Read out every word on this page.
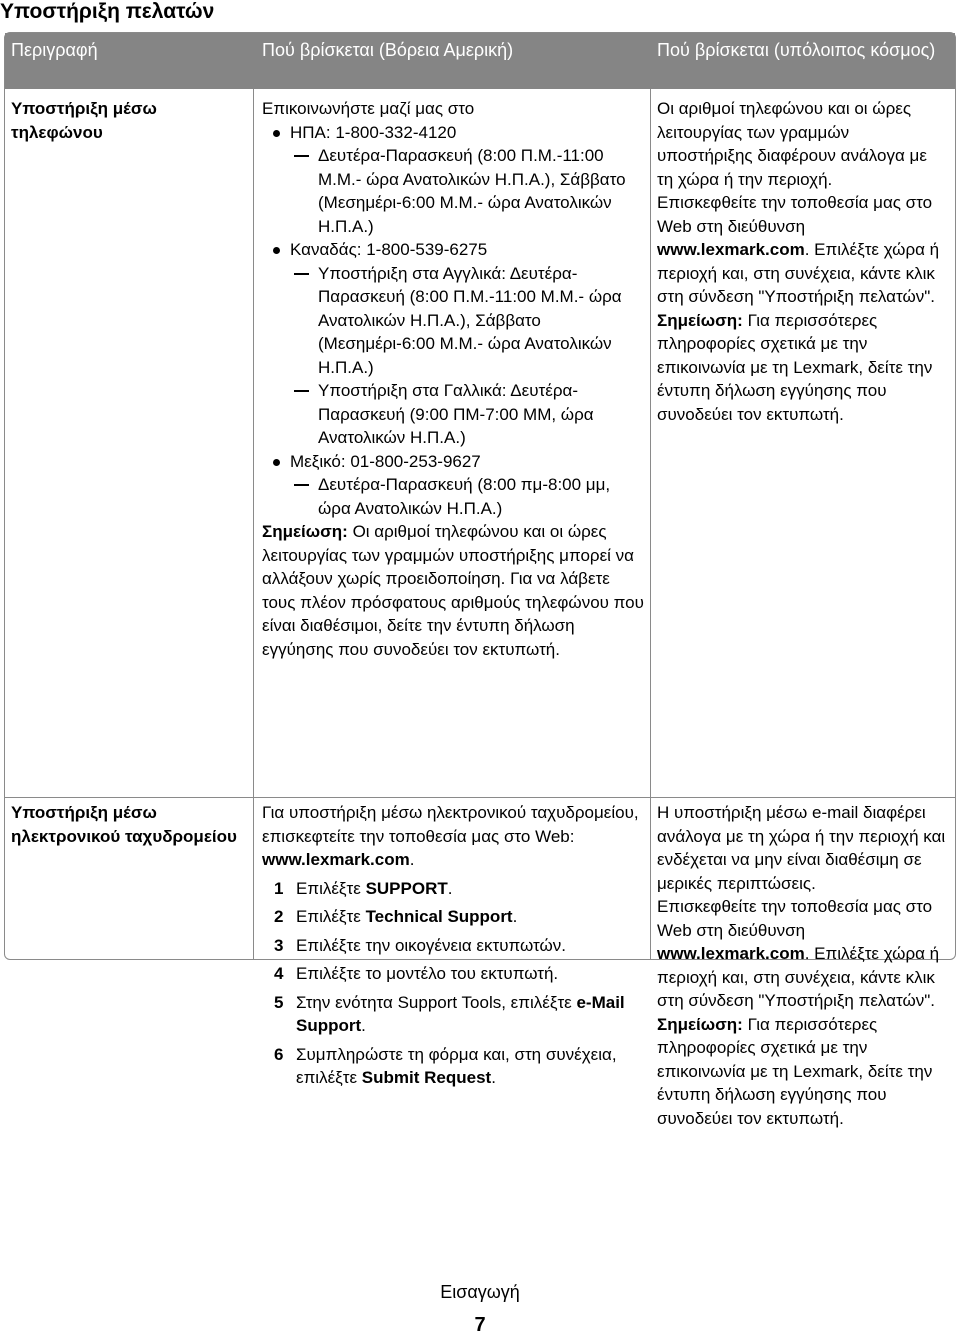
Υποστήριξη πελατών
Περιγραφή	Πού βρίσκεται (Βόρεια Αμερική)	Πού βρίσκεται (υπόλοιπος κόσμος)
Υποστήριξη μέσω τηλεφώνου

Επικοινωνήστε μαζί μας στο

ΗΠΑ: 1-800-332-4120

Δευτέρα-Παρασκευή (8:00 Π.Μ.-11:00 Μ.Μ.- ώρα Ανατολικών Η.Π.Α.), Σάββατο (Μεσημέρι-6:00 Μ.Μ.- ώρα Ανατολικών Η.Π.Α.)

Καναδάς: 1-800-539-6275

Υποστήριξη στα Αγγλικά: Δευτέρα-Παρασκευή (8:00 Π.Μ.-11:00 Μ.Μ.- ώρα Ανατολικών Η.Π.Α.), Σάββατο (Μεσημέρι-6:00 Μ.Μ.- ώρα Ανατολικών Η.Π.Α.)

Υποστήριξη στα Γαλλικά: Δευτέρα-Παρασκευή (9:00 ΠΜ-7:00 ΜΜ, ώρα Ανατολικών Η.Π.Α.)

Μεξικό: 01-800-253-9627

Δευτέρα-Παρασκευή (8:00 πμ-8:00 μμ, ώρα Ανατολικών Η.Π.Α.)

Σημείωση: Οι αριθμοί τηλεφώνου και οι ώρες λειτουργίας των γραμμών υποστήριξης μπορεί να αλλάξουν χωρίς προειδοποίηση. Για να λάβετε τους πλέον πρόσφατους αριθμούς τηλεφώνου που είναι διαθέσιμοι, δείτε την έντυπη δήλωση εγγύησης που συνοδεύει τον εκτυπωτή.

Οι αριθμοί τηλεφώνου και οι ώρες λειτουργίας των γραμμών υποστήριξης διαφέρουν ανάλογα με τη χώρα ή την περιοχή.

Επισκεφθείτε την τοποθεσία μας στο Web στη διεύθυνση www.lexmark.com. Επιλέξτε χώρα ή περιοχή και, στη συνέχεια, κάντε κλικ στη σύνδεση "Υποστήριξη πελατών".

Σημείωση: Για περισσότερες πληροφορίες σχετικά με την επικοινωνία με τη Lexmark, δείτε την έντυπη δήλωση εγγύησης που συνοδεύει τον εκτυπωτή.

Υποστήριξη μέσω ηλεκτρονικού ταχυδρομείου

Για υποστήριξη μέσω ηλεκτρονικού ταχυδρομείου, επισκεφτείτε την τοποθεσία μας στο Web: www.lexmark.com.

1 Επιλέξτε SUPPORT.

2 Επιλέξτε Technical Support.

3 Επιλέξτε την οικογένεια εκτυπωτών.

4 Επιλέξτε το μοντέλο του εκτυπωτή.

5 Στην ενότητα Support Tools, επιλέξτε e-Mail Support.

6 Συμπληρώστε τη φόρμα και, στη συνέχεια, επιλέξτε Submit Request.

Η υποστήριξη μέσω e-mail διαφέρει ανάλογα με τη χώρα ή την περιοχή και ενδέχεται να μην είναι διαθέσιμη σε μερικές περιπτώσεις.

Επισκεφθείτε την τοποθεσία μας στο Web στη διεύθυνση www.lexmark.com. Επιλέξτε χώρα ή περιοχή και, στη συνέχεια, κάντε κλικ στη σύνδεση "Υποστήριξη πελατών".

Σημείωση: Για περισσότερες πληροφορίες σχετικά με την επικοινωνία με τη Lexmark, δείτε την έντυπη δήλωση εγγύησης που συνοδεύει τον εκτυπωτή.

Εισαγωγή
7
